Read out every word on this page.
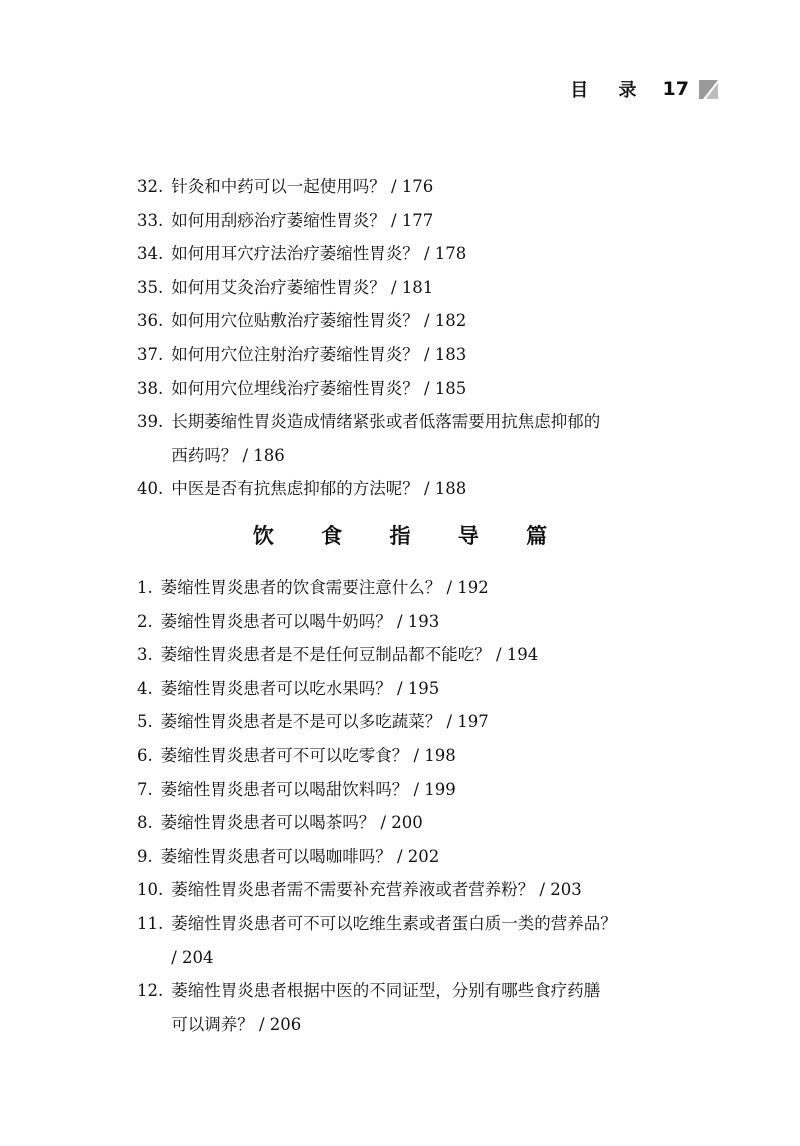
目 录 17
32. 针灸和中药可以一起使用吗？ / 176
33. 如何用刮痧治疗萎缩性胃炎？ / 177
34. 如何用耳穴疗法治疗萎缩性胃炎？ / 178
35. 如何用艾灸治疗萎缩性胃炎？ / 181
36. 如何用穴位贴敷治疗萎缩性胃炎？ / 182
37. 如何用穴位注射治疗萎缩性胃炎？ / 183
38. 如何用穴位埋线治疗萎缩性胃炎？ / 185
39. 长期萎缩性胃炎造成情绪紧张或者低落需要用抗焦虑抑郁的
西药吗？ / 186
40. 中医是否有抗焦虑抑郁的方法呢？ / 188
饮 食 指 导 篇
1. 萎缩性胃炎患者的饮食需要注意什么？ / 192
2. 萎缩性胃炎患者可以喝牛奶吗？ / 193
3. 萎缩性胃炎患者是不是任何豆制品都不能吃？ / 194
4. 萎缩性胃炎患者可以吃水果吗？ / 195
5. 萎缩性胃炎患者是不是可以多吃蔬菜？ / 197
6. 萎缩性胃炎患者可不可以吃零食？ / 198
7. 萎缩性胃炎患者可以喝甜饮料吗？ / 199
8. 萎缩性胃炎患者可以喝茶吗？ / 200
9. 萎缩性胃炎患者可以喝咖啡吗？ / 202
10. 萎缩性胃炎患者需不需要补充营养液或者营养粉？ / 203
11. 萎缩性胃炎患者可不可以吃维生素或者蛋白质一类的营养品？
/ 204
12. 萎缩性胃炎患者根据中医的不同证型，分别有哪些食疗药膳
可以调养？ / 206
